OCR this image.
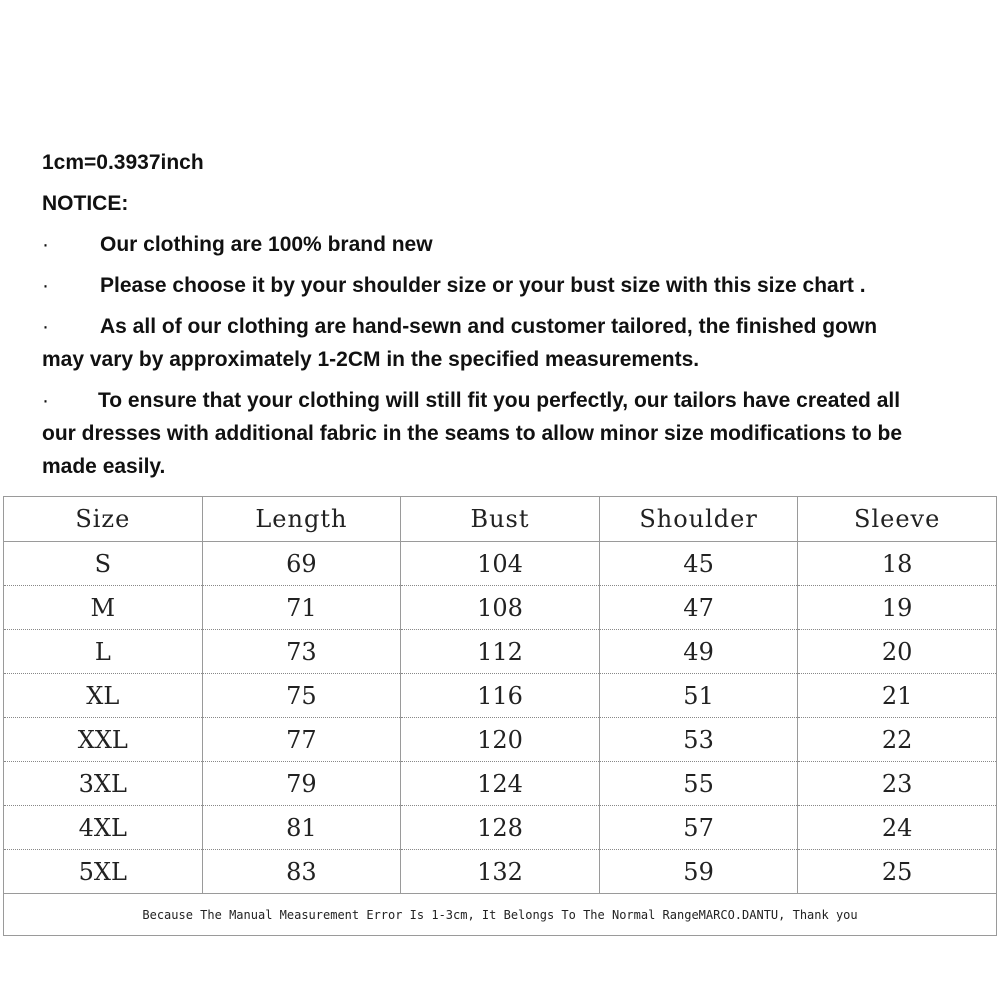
1cm=0.3937inch

NOTICE:

· Our clothing are 100% brand new

· Please choose it by your shoulder size or your bust size with this size chart .

· As all of our clothing are hand-sewn and customer tailored, the finished gown
may vary by approximately 1-2CM in the specified measurements.

· To ensure that your clothing will still fit you perfectly, our tailors have created all
our dresses with additional fabric in the seams to allow minor size modifications to be made easily.

Size	Length	Bust	Shoulder	Sleeve
S	69	104	45	18
M	71	108	47	19
L	73	112	49	20
XL	75	116	51	21
XXL	77	120	53	22
3XL	79	124	55	23
4XL	81	128	57	24
5XL	83	132	59	25
Because The Manual Measurement Error Is 1-3cm, It Belongs To The Normal RangeMARCO.DANTU, Thank you				
